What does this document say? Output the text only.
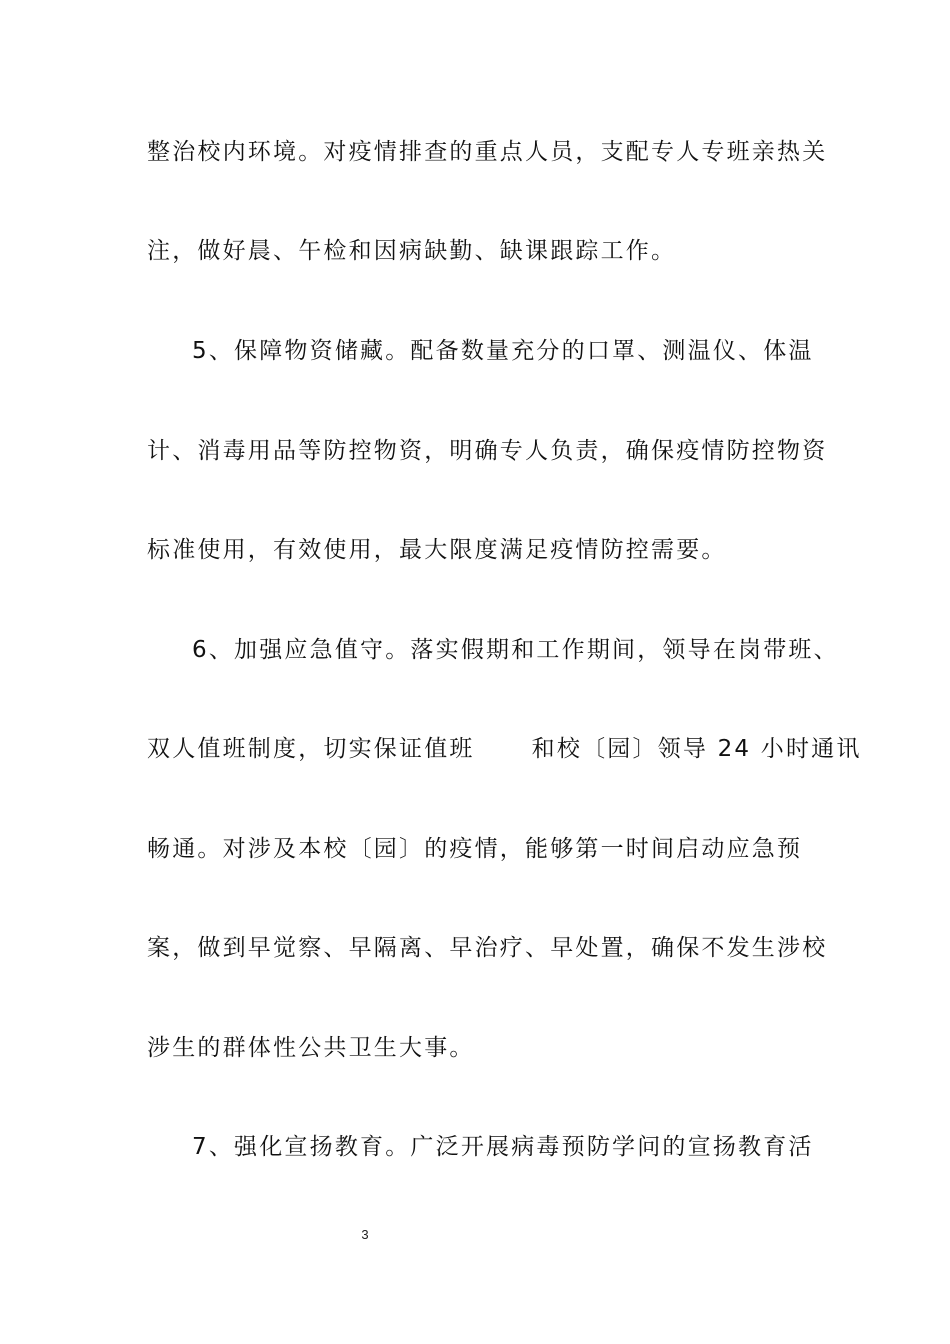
整治校内环境。对疫情排查的重点人员，支配专人专班亲热关
注，做好晨、午检和因病缺勤、缺课跟踪工作。
5、保障物资储藏。配备数量充分的口罩、测温仪、体温
计、消毒用品等防控物资，明确专人负责，确保疫情防控物资
标准使用，有效使用，最大限度满足疫情防控需要。
6、加强应急值守。落实假期和工作期间，领导在岗带班、
双人值班制度，切实保证值班      和校〔园〕领导 24 小时通讯
畅通。对涉及本校〔园〕的疫情，能够第一时间启动应急预
案，做到早觉察、早隔离、早治疗、早处置，确保不发生涉校
涉生的群体性公共卫生大事。
7、强化宣扬教育。广泛开展病毒预防学问的宣扬教育活
3
